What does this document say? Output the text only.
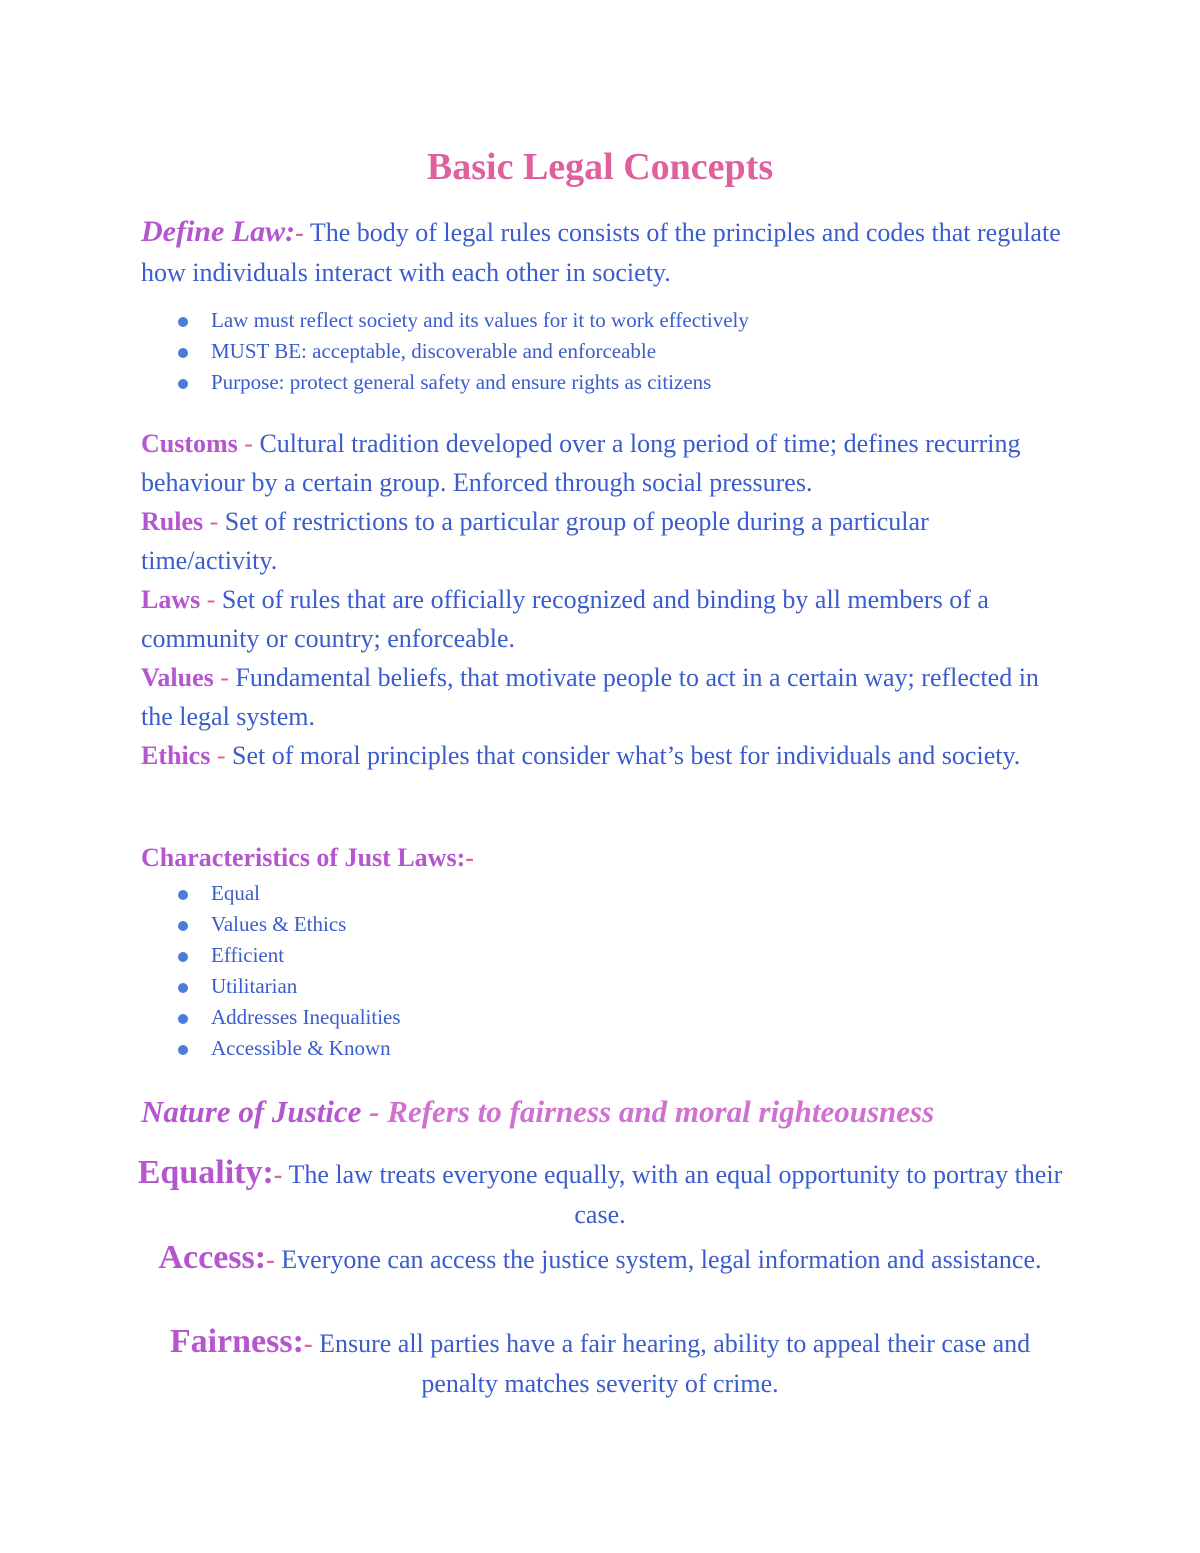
Basic Legal Concepts
Define Law:- The body of legal rules consists of the principles and codes that regulate how individuals interact with each other in society.
Law must reflect society and its values for it to work effectively
MUST BE: acceptable, discoverable and enforceable
Purpose: protect general safety and ensure rights as citizens

Customs - Cultural tradition developed over a long period of time; defines recurring behaviour by a certain group. Enforced through social pressures.

Rules - Set of restrictions to a particular group of people during a particular time/activity.

Laws - Set of rules that are officially recognized and binding by all members of a community or country; enforceable.

Values - Fundamental beliefs, that motivate people to act in a certain way; reflected in the legal system.

Ethics - Set of moral principles that consider what’s best for individuals and society.

Characteristics of Just Laws:-
Equal
Values & Ethics
Efficient
Utilitarian
Addresses Inequalities
Accessible & Known
Nature of Justice - Refers to fairness and moral righteousness
Equality:- The law treats everyone equally, with an equal opportunity to portray their case.
Access:- Everyone can access the justice system, legal information and assistance.
Fairness:- Ensure all parties have a fair hearing, ability to appeal their case and penalty matches severity of crime.
